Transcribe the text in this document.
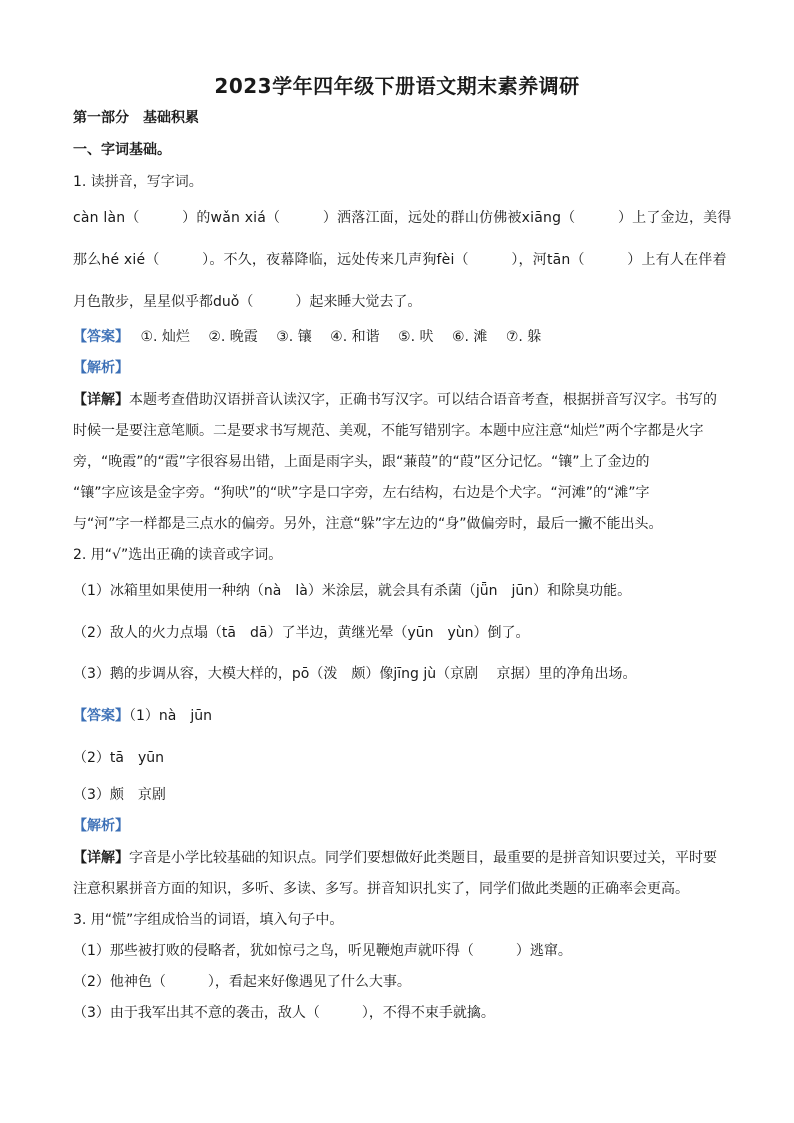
2023学年四年级下册语文期末素养调研
第一部分　基础积累
一、字词基础。
1. 读拼音，写字词。
càn làn（　　　）的wǎn xiá（　　　）洒落江面，远处的群山仿佛被xiāng（　　　）上了金边，美得
那么hé xié（　　　）。不久，夜幕降临，远处传来几声狗fèi（　　　），河tān（　　　）上有人在伴着
月色散步，星星似乎都duǒ（　　　）起来睡大觉去了。
【答案】　 ①. 灿烂　 ②. 晚霞　 ③. 镶　 ④. 和谐　 ⑤. 吠　 ⑥. 滩　 ⑦. 躲
【解析】
【详解】本题考查借助汉语拼音认读汉字，正确书写汉字。可以结合语音考查，根据拼音写汉字。书写的
时候一是要注意笔顺。二是要求书写规范、美观，不能写错别字。本题中应注意“灿烂”两个字都是火字
旁，“晚霞”的“霞”字很容易出错，上面是雨字头，跟“蒹葭”的“葭”区分记忆。“镶”上了金边的
“镶”字应该是金字旁。“狗吠”的“吠”字是口字旁，左右结构，右边是个犬字。“河滩”的“滩”字
与“河”字一样都是三点水的偏旁。另外，注意“躲”字左边的“身”做偏旁时，最后一撇不能出头。
2. 用“√”选出正确的读音或字词。
（1）冰箱里如果使用一种纳（nà　là）米涂层，就会具有杀菌（jǖn　jūn）和除臭功能。
（2）敌人的火力点塌（tā　dā）了半边，黄继光晕（yūn　yùn）倒了。
（3）鹅的步调从容，大模大样的，pō（泼　颇）像jīng jù（京剧　 京据）里的净角出场。
【答案】（1）nà　jūn
（2）tā　yūn
（3）颇　京剧
【解析】
【详解】字音是小学比较基础的知识点。同学们要想做好此类题目，最重要的是拼音知识要过关，平时要
注意积累拼音方面的知识，多听、多读、多写。拼音知识扎实了，同学们做此类题的正确率会更高。
3. 用“慌”字组成恰当的词语，填入句子中。
（1）那些被打败的侵略者，犹如惊弓之鸟，听见鞭炮声就吓得（　　　）逃窜。
（2）他神色（　　　），看起来好像遇见了什么大事。
（3）由于我军出其不意的袭击，敌人（　　　），不得不束手就擒。
